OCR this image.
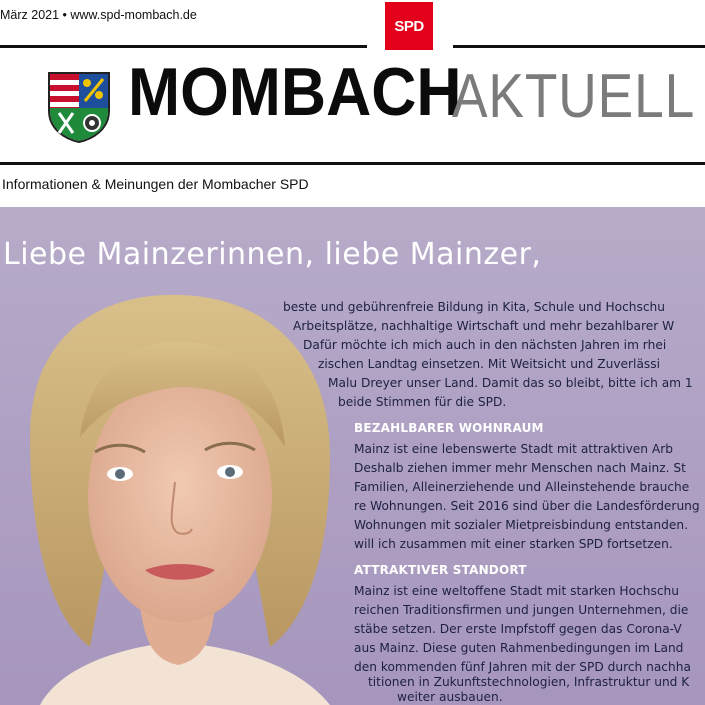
März 2021 • www.spd-mombach.de
SPD
MOMBACH
AKTUELL
Informationen & Meinungen der Mombacher SPD
Liebe Mainzerinnen, liebe Mainzer,
beste und gebührenfreie Bildung in Kita, Schule und Hochschu
Arbeitsplätze, nachhaltige Wirtschaft und mehr bezahlbarer W
Dafür möchte ich mich auch in den nächsten Jahren im rhei
zischen Landtag einsetzen. Mit Weitsicht und Zuverlässi
Malu Dreyer unser Land. Damit das so bleibt, bitte ich am 1
beide Stimmen für die SPD.
BEZAHLBARER WOHNRAUM
Mainz ist eine lebenswerte Stadt mit attraktiven Arb
Deshalb ziehen immer mehr Menschen nach Mainz. St
Familien, Alleinerziehende und Alleinstehende brauche
re Wohnungen. Seit 2016 sind über die Landesförderung
Wohnungen mit sozialer Mietpreisbindung entstanden.
will ich zusammen mit einer starken SPD fortsetzen.
ATTRAKTIVER STANDORT
Mainz ist eine weltoffene Stadt mit starken Hochschu
reichen Traditionsfirmen und jungen Unternehmen, die
stäbe setzen. Der erste Impfstoff gegen das Corona-V
aus Mainz. Diese guten Rahmenbedingungen im Land
den kommenden fünf Jahren mit der SPD durch nachha
titionen in Zukunftstechnologien, Infrastruktur und K
weiter ausbauen.
